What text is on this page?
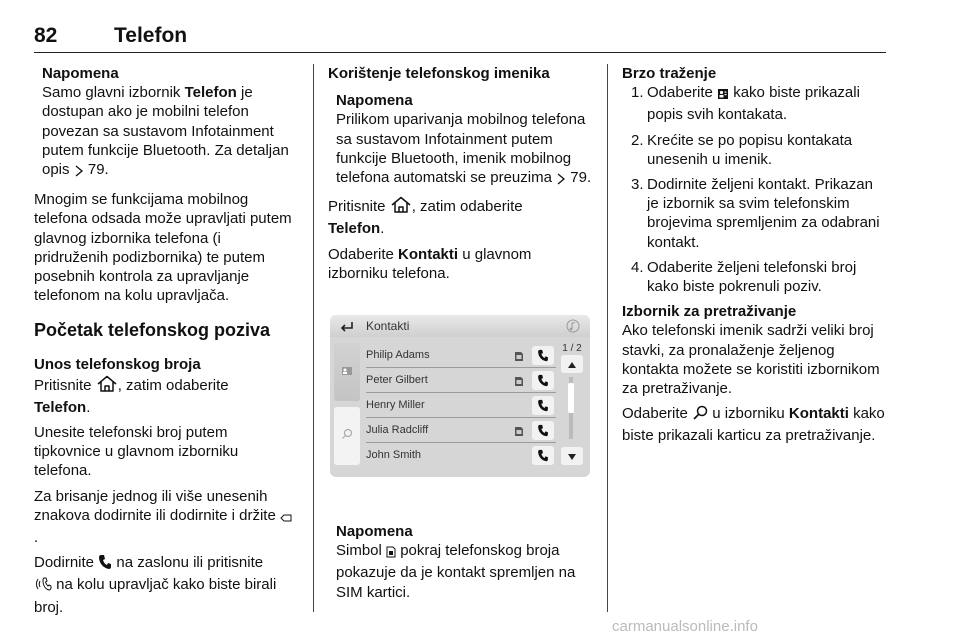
82	Telefon
Napomena

Samo glavni izbornik Telefon je dostupan ako je mobilni telefon povezan sa sustavom Infotainment putem funkcije Bluetooth. Za detaljan opis  79.

Mnogim se funkcijama mobilnog telefona odsada može upravljati putem glavnog izbornika telefona (i pridruženih podizbornika) te putem posebnih kontrola za upravljanje telefonom na kolu upravljača.

Početak telefonskog poziva
Unos telefonskog broja

Pritisnite , zatim odaberite
Telefon.

Unesite telefonski broj putem tipkovnice u glavnom izborniku telefona.

Za brisanje jednog ili više unesenih znakova dodirnite ili dodirnite i držite .

Dodirnite  na zaslonu ili pritisnite
na kolu upravljač kako biste birali broj.

Korištenje telefonskog imenika
Napomena

Prilikom uparivanja mobilnog telefona sa sustavom Infotainment putem funkcije Bluetooth, imenik mobilnog telefona automatski se preuzima  79.

Pritisnite , zatim odaberite
Telefon.

Odaberite Kontakti u glavnom izborniku telefona.

Kontakti
Philip Adams
Peter Gilbert
Henry Miller
Julia Radcliff
John Smith
1 / 2
Napomena

Simbol  pokraj telefonskog broja pokazuje da je kontakt spremljen na SIM kartici.

Brzo traženje
1. Odaberite  kako biste prikazali popis svih kontakata.
2. Krećite se po popisu kontakata unesenih u imenik.
3. Dodirnite željeni kontakt. Prikazan je izbornik sa svim telefonskim brojevima spremljenim za odabrani kontakt.
4. Odaberite željeni telefonski broj kako biste pokrenuli poziv.
Izbornik za pretraživanje

Ako telefonski imenik sadrži veliki broj stavki, za pronalaženje željenog kontakta možete se koristiti izbornikom za pretraživanje.

Odaberite  u izborniku Kontakti kako biste prikazali karticu za pretraživanje.

carmanualsonline.info
